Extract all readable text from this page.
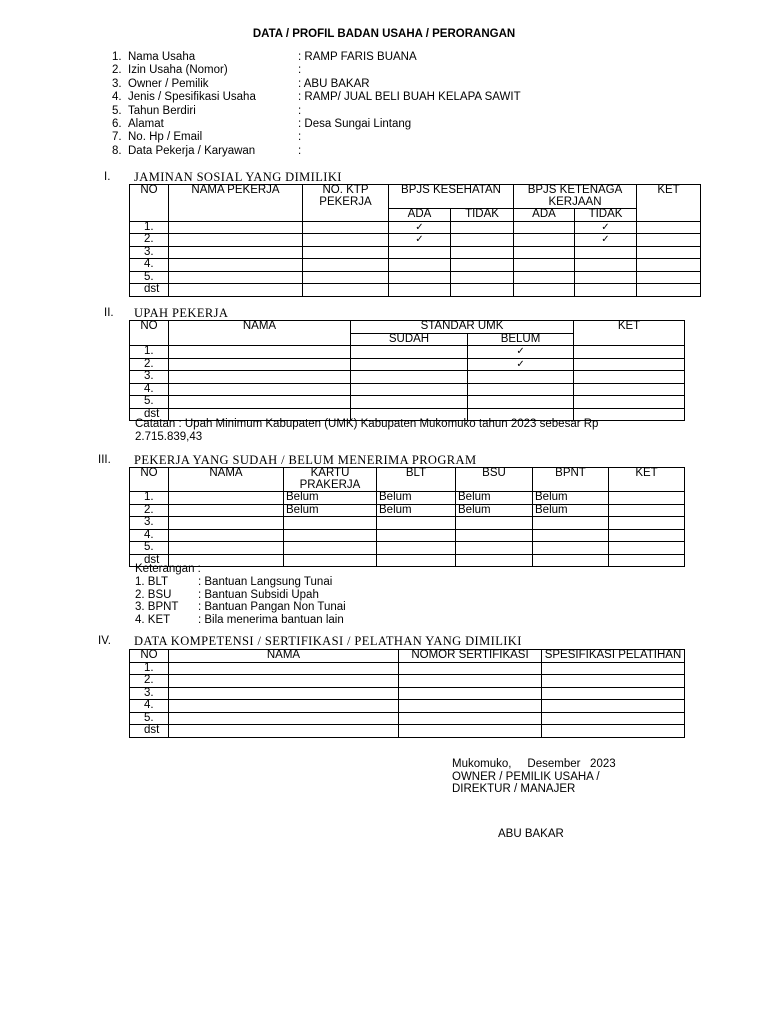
DATA / PROFIL BADAN USAHA / PERORANGAN
1. Nama Usaha	: RAMP FARIS BUANA
2. Izin Usaha (Nomor)	:
3. Owner / Pemilik	: ABU BAKAR
4. Jenis / Spesifikasi Usaha	: RAMP/ JUAL BELI BUAH KELAPA SAWIT
5. Tahun Berdiri	:
6. Alamat	: Desa Sungai Lintang
7. No. Hp / Email	:
8. Data Pekerja / Karyawan	:
I.	JAMINAN SOSIAL YANG DIMILIKI
NO	NAMA PEKERJA	NO. KTP PEKERJA	BPJS KESEHATAN		BPJS KETENAGA KERJAAN		KET
			ADA	TIDAK	ADA	TIDAK	
1.			✓			✓	
2.			✓			✓	
3.							
4.							
5.							
dst							
II.	UPAH PEKERJA
NO	NAMA	STANDAR UMK		KET
		SUDAH	BELUM	
1.			✓	
2.			✓	
3.				
4.				
5.				
dst				
Catatan : Upah Minimum Kabupaten (UMK) Kabupaten Mukomuko tahun 2023 sebesar Rp
2.715.839,43
III.	PEKERJA YANG SUDAH / BELUM MENERIMA PROGRAM
NO	NAMA	KARTU PRAKERJA	BLT	BSU	BPNT	KET
1.		Belum	Belum	Belum	Belum	
2.		Belum	Belum	Belum	Belum	
3.						
4.						
5.						
dst						
Keterangan :
1. BLT	: Bantuan Langsung Tunai
2. BSU	: Bantuan Subsidi Upah
3. BPNT	: Bantuan Pangan Non Tunai
4. KET	: Bila menerima bantuan lain
IV.	DATA KOMPETENSI / SERTIFIKASI / PELATHAN YANG DIMILIKI
NO	NAMA	NOMOR SERTIFIKASI	SPESIFIKASI PELATIHAN
1.			
2.			
3.			
4.			
5.			
dst			
Mukomuko,     Desember   2023
OWNER / PEMILIK USAHA /
DIREKTUR / MANAJER
ABU BAKAR
